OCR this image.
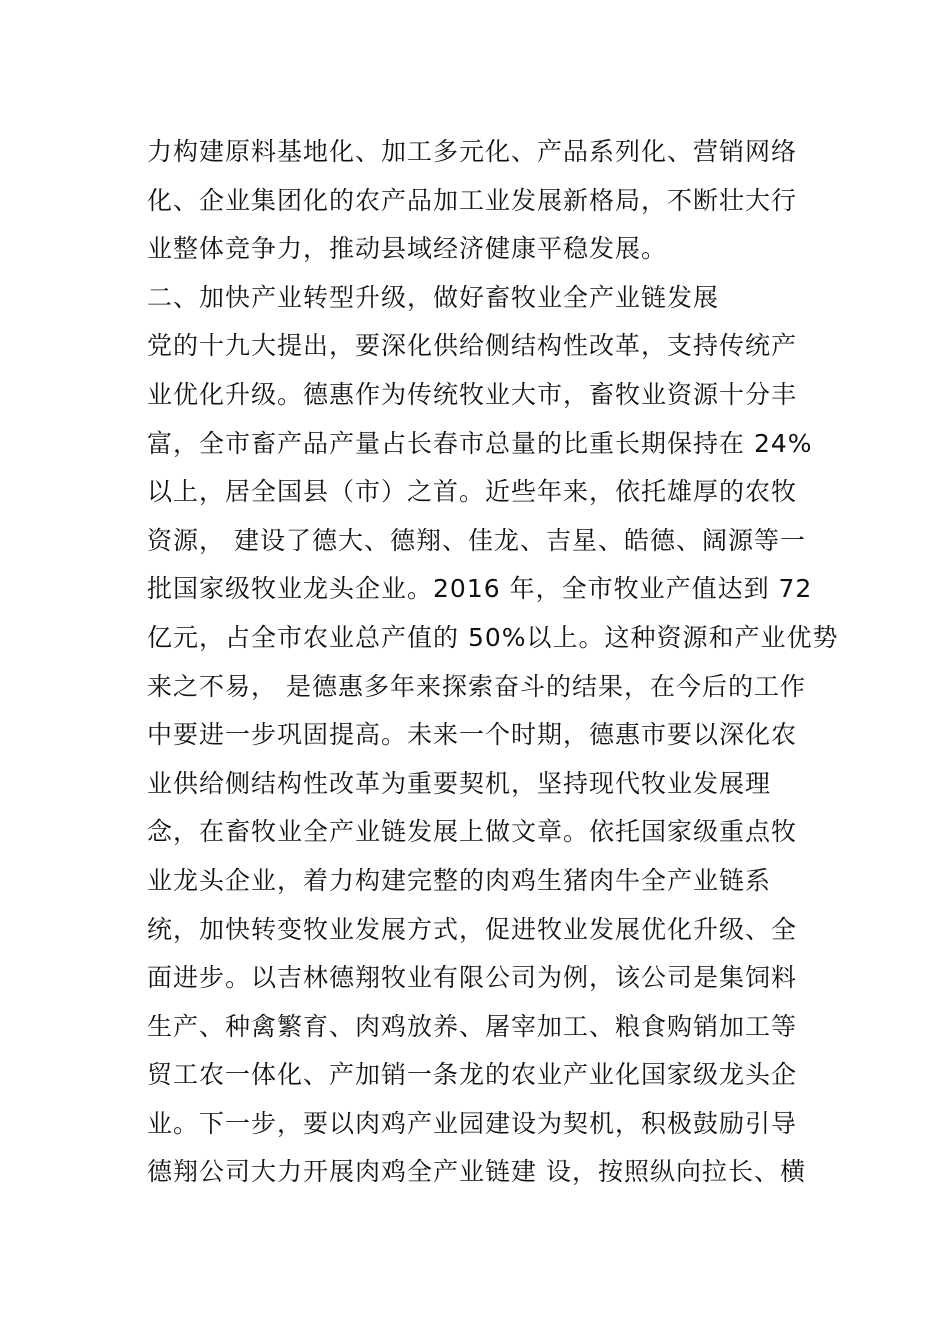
力构建原料基地化、加工多元化、产品系列化、营销网络
化、企业集团化的农产品加工业发展新格局，不断壮大行
业整体竞争力，推动县域经济健康平稳发展。
二、加快产业转型升级，做好畜牧业全产业链发展
党的十九大提出，要深化供给侧结构性改革，支持传统产
业优化升级。德惠作为传统牧业大市，畜牧业资源十分丰
富，全市畜产品产量占长春市总量的比重长期保持在 24%
以上，居全国县（市）之首。近些年来，依托雄厚的农牧
资源， 建设了德大、德翔、佳龙、吉星、皓德、阔源等一
批国家级牧业龙头企业。2016 年，全市牧业产值达到 72
亿元，占全市农业总产值的 50%以上。这种资源和产业优势
来之不易， 是德惠多年来探索奋斗的结果，在今后的工作
中要进一步巩固提高。未来一个时期，德惠市要以深化农
业供给侧结构性改革为重要契机，坚持现代牧业发展理
念，在畜牧业全产业链发展上做文章。依托国家级重点牧
业龙头企业，着力构建完整的肉鸡生猪肉牛全产业链系
统，加快转变牧业发展方式，促进牧业发展优化升级、全
面进步。以吉林德翔牧业有限公司为例，该公司是集饲料
生产、种禽繁育、肉鸡放养、屠宰加工、粮食购销加工等
贸工农一体化、产加销一条龙的农业产业化国家级龙头企
业。下一步，要以肉鸡产业园建设为契机，积极鼓励引导
德翔公司大力开展肉鸡全产业链建 设，按照纵向拉长、横
